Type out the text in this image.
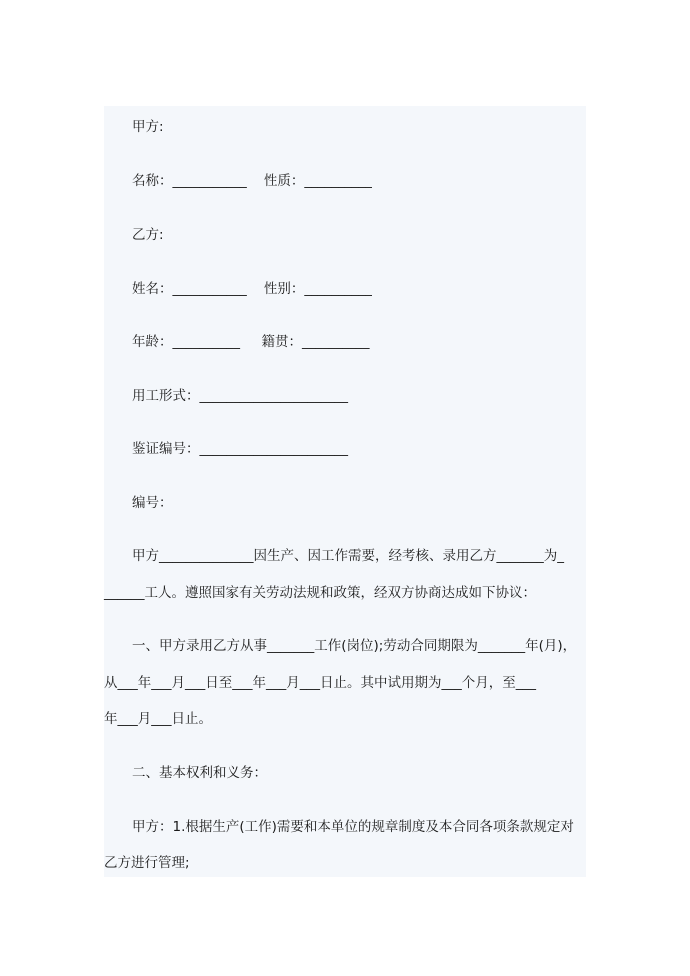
甲方:
名称：___________    性质：__________
乙方:
姓名：___________    性别：__________
年龄：__________     籍贯：__________
用工形式：______________________
鉴证编号：______________________
编号：
甲方______________因生产、因工作需要，经考核、录用乙方_______为_
______工人。遵照国家有关劳动法规和政策，经双方协商达成如下协议：
一、甲方录用乙方从事_______工作(岗位);劳动合同期限为_______年(月)，
从___年___月___日至___年___月___日止。其中试用期为___个月，至___
年___月___日止。
二、基本权利和义务：
甲方：1.根据生产(工作)需要和本单位的规章制度及本合同各项条款规定对
乙方进行管理;
